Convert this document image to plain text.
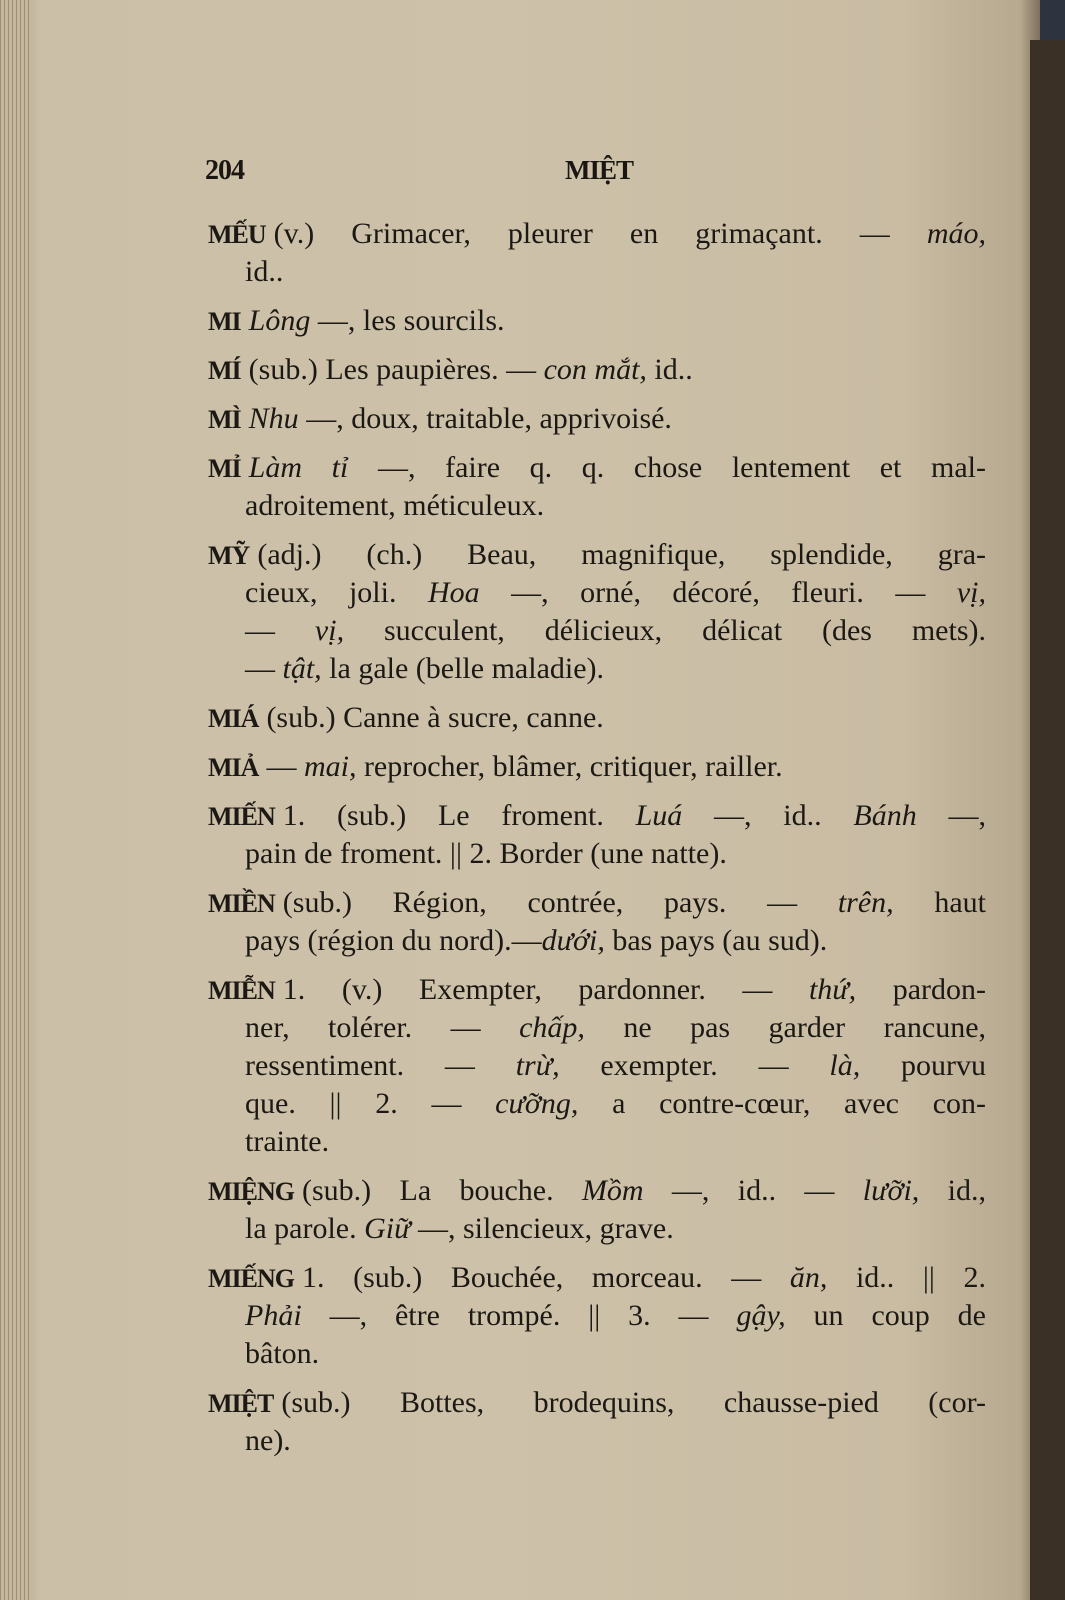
204	MIỆT
MẾU (v.) Grimacer, pleurer en grimaçant. — máo,
id..
MI Lông —, les sourcils.
MÍ (sub.) Les paupières. — con mắt, id..
MÌ Nhu —, doux, traitable, apprivoisé.
MỈ Làm tỉ —, faire q. q. chose lentement et mal-
adroitement, méticuleux.
MỸ (adj.) (ch.) Beau, magnifique, splendide, gra-
cieux, joli. Hoa —, orné, décoré, fleuri. — vị,
— vị, succulent, délicieux, délicat (des mets).
— tật, la gale (belle maladie).
MIÁ (sub.) Canne à sucre, canne.
MIẢ — mai, reprocher, blâmer, critiquer, railler.
MIẾN 1. (sub.) Le froment. Luá —, id.. Bánh —,
pain de froment. || 2. Border (une natte).
MIỀN (sub.) Région, contrée, pays. — trên, haut
pays (région du nord).—dưới, bas pays (au sud).
MIỄN 1. (v.) Exempter, pardonner. — thứ, pardon-
ner, tolérer. — chấp, ne pas garder rancune,
ressentiment. — trừ, exempter. — là, pourvu
que. || 2. — cưỡng, a contre-cœur, avec con-
trainte.
MIỆNG (sub.) La bouche. Mồm —, id.. — lưỡi, id.,
la parole. Giữ —, silencieux, grave.
MIẾNG 1. (sub.) Bouchée, morceau. — ăn, id.. || 2.
Phải —, être trompé. || 3. — gậy, un coup de
bâton.
MIỆT (sub.) Bottes, brodequins, chausse-pied (cor-
ne).
